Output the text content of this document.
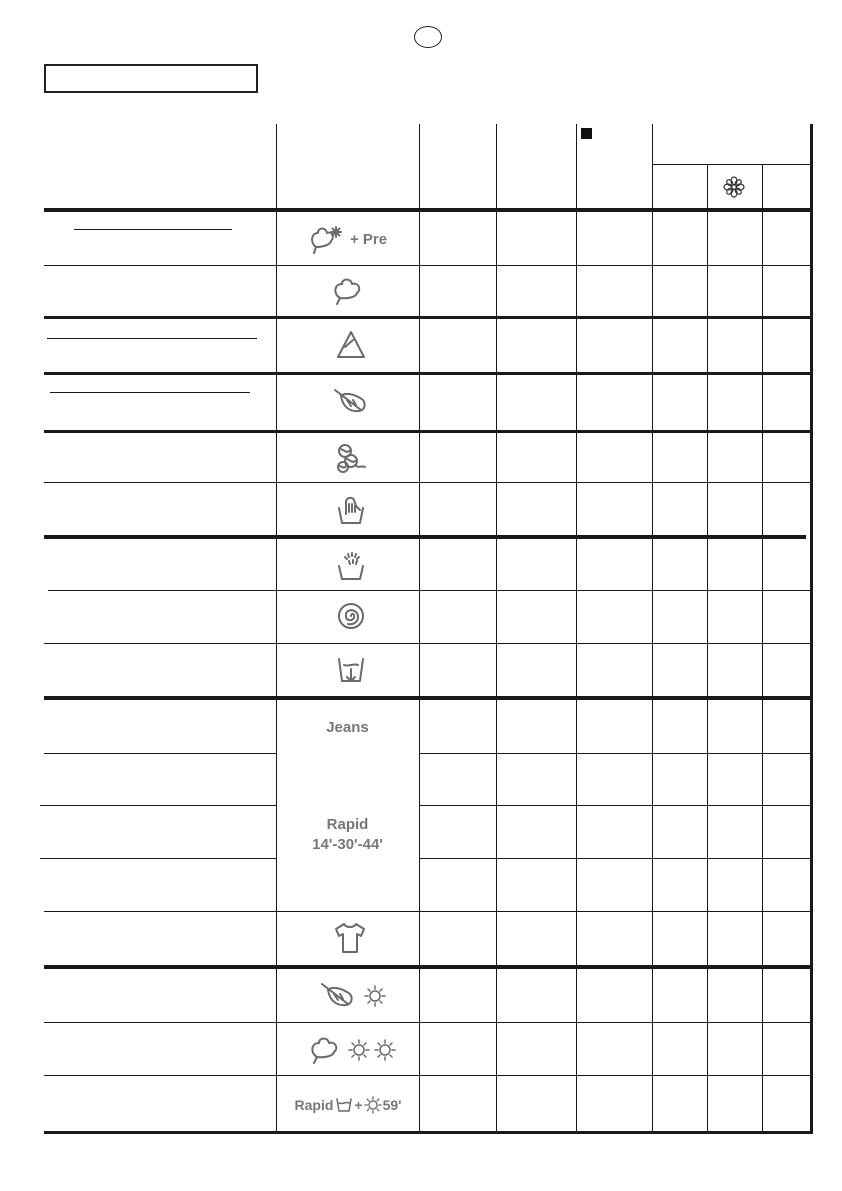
+ Pre
Jeans
Rapid
14'-30'-44'
Rapid + 59'
